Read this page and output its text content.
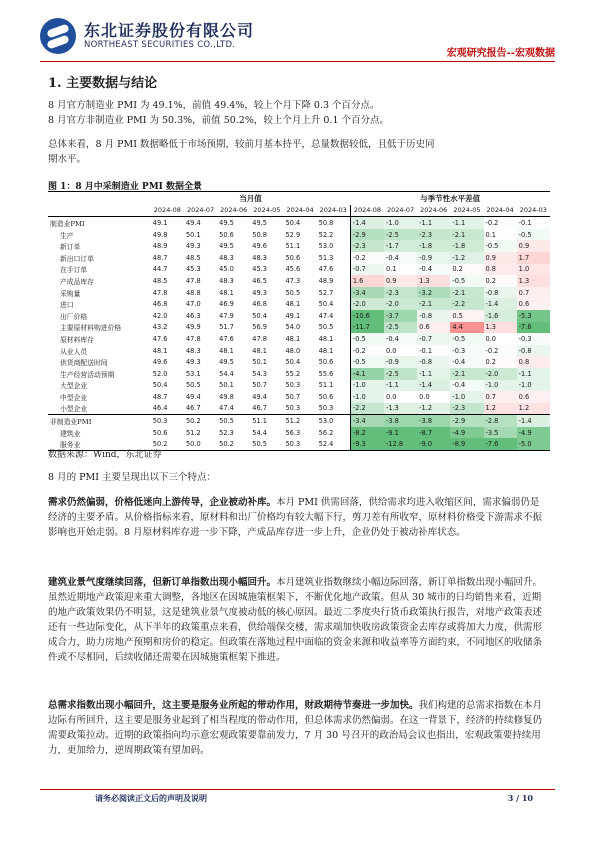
东北证券股份有限公司
NORTHEAST SECURITIES CO.,LTD.
宏观研究报告--宏观数据
1. 主要数据与结论
8 月官方制造业 PMI 为 49.1%，前值 49.4%，较上个月下降 0.3 个百分点。
8 月官方非制造业 PMI 为 50.3%，前值 50.2%，较上个月上升 0.1 个百分点。
总体来看，8 月 PMI 数据略低于市场预期，较前月基本持平，总量数据较低，且低于历史同期水平。
图 1：8 月中采制造业 PMI 数据全景
	当月值						与季节性水平差值					
	2024-08	2024-07	2024-06	2024-05	2024-04	2024-03	2024-08	2024-07	2024-06	2024-05	2024-04	2024-03
制造业PMI	49.1	49.4	49.5	49.5	50.4	50.8	-1.4	-1.0	-1.1	-1.1	-0.2	-0.1
生产	49.8	50.1	50.6	50.8	52.9	52.2	-2.9	-2.5	-2.3	-2.1	0.1	-0.5
新订单	48.9	49.3	49.5	49.6	51.1	53.0	-2.3	-1.7	-1.8	-1.8	-0.5	0.9
新出口订单	48.7	48.5	48.3	48.3	50.6	51.3	-0.2	-0.4	-0.9	-1.2	0.9	1.7
在手订单	44.7	45.3	45.0	45.3	45.6	47.6	-0.7	0.1	-0.4	0.2	0.8	1.0
产成品库存	48.5	47.8	48.3	46.5	47.3	48.9	1.6	0.9	1.3	-0.5	0.2	1.3
采购量	47.8	48.8	48.1	49.3	50.5	52.7	-3.4	-2.3	-3.2	-2.1	-0.8	0.7
进口	46.8	47.0	46.9	46.8	48.1	50.4	-2.0	-2.0	-2.1	-2.2	-1.4	0.6
出厂价格	42.0	46.3	47.9	50.4	49.1	47.4	-10.6	-3.7	-0.8	0.5	-1.6	-5.3
主要原材料购进价格	43.2	49.9	51.7	56.9	54.0	50.5	-11.7	-2.5	0.6	4.4	1.3	-7.6
原材料库存	47.6	47.8	47.6	47.8	48.1	48.1	-0.5	-0.4	-0.7	-0.5	0.0	-0.3
从业人员	48.1	48.3	48.1	48.1	48.0	48.1	-0.2	0.0	-0.1	-0.3	-0.2	-0.8
供货商配送时间	49.6	49.3	49.5	50.1	50.4	50.6	-0.5	-0.9	-0.8	-0.4	0.2	0.8
生产经营活动预期	52.0	53.1	54.4	54.3	55.2	55.6	-4.1	-2.5	-1.1	-2.1	-2.0	-1.1
大型企业	50.4	50.5	50.1	50.7	50.3	51.1	-1.0	-1.1	-1.4	-0.4	-1.0	-1.0
中型企业	48.7	49.4	49.8	49.4	50.7	50.6	-1.0	0.0	0.0	-1.0	0.7	0.6
小型企业	46.4	46.7	47.4	46.7	50.3	50.3	-2.2	-1.3	-1.2	-2.3	1.2	1.2
非制造业PMI	50.3	50.2	50.5	51.1	51.2	53.0	-3.4	-3.8	-3.8	-2.9	-2.8	-1.4
建筑业	50.6	51.2	52.3	54.4	56.3	56.2	-8.2	-9.1	-8.7	-4.9	-3.5	-4.9
服务业	50.2	50.0	50.2	50.5	50.3	52.4	-9.3	-12.8	-9.0	-8.9	-7.6	-5.0
数据来源：Wind，东北证券
8 月的 PMI 主要呈现出以下三个特点：
需求仍然偏弱，价格低迷向上游传导，企业被动补库。本月 PMI 供需回落，供给需求均进入收缩区间，需求偏弱仍是经济的主要矛盾。从价格指标来看，原材料和出厂价格均有较大幅下行，剪刀差有所收窄，原材料价格受下游需求不振影响也开始走弱。8 月原材料库存进一步下降，产成品库存进一步上升，企业仍处于被动补库状态。
建筑业景气度继续回落，但新订单指数出现小幅回升。本月建筑业指数继续小幅边际回落，新订单指数出现小幅回升。虽然近期地产政策迎来重大调整，各地区在因城施策框架下，不断优化地产政策。但从 30 城市的日均销售来看，近期的地产政策效果仍不明显，这是建筑业景气度被动低的核心原因。最近二季度央行货币政策执行报告，对地产政策表述还有一些边际变化，从下半年的政策重点来看，供给端保交楼，需求端加快收房政策资金去库存或将加大力度，供需形成合力，助力房地产预期和房价的稳定。但政策在落地过程中面临的资金来源和收益率等方面约束，不同地区的收储条件或不尽相同，后续收储还需要在因城施策框架下推进。
总需求指数出现小幅回升，这主要是服务业所起的带动作用，财政期待节奏进一步加快。我们构建的总需求指数在本月边际有所回升，这主要是服务业起到了相当程度的带动作用，但总体需求仍然偏弱。在这一背景下，经济的持续修复仍需要政策拉动。近期的政策指向均示意宏观政策要靠前发力，7 月 30 号召开的政治局会议也指出，宏观政策要持续用力，更加给力，逆周期政策有望加码。
请务必阅读正文后的声明及说明	3 / 10
